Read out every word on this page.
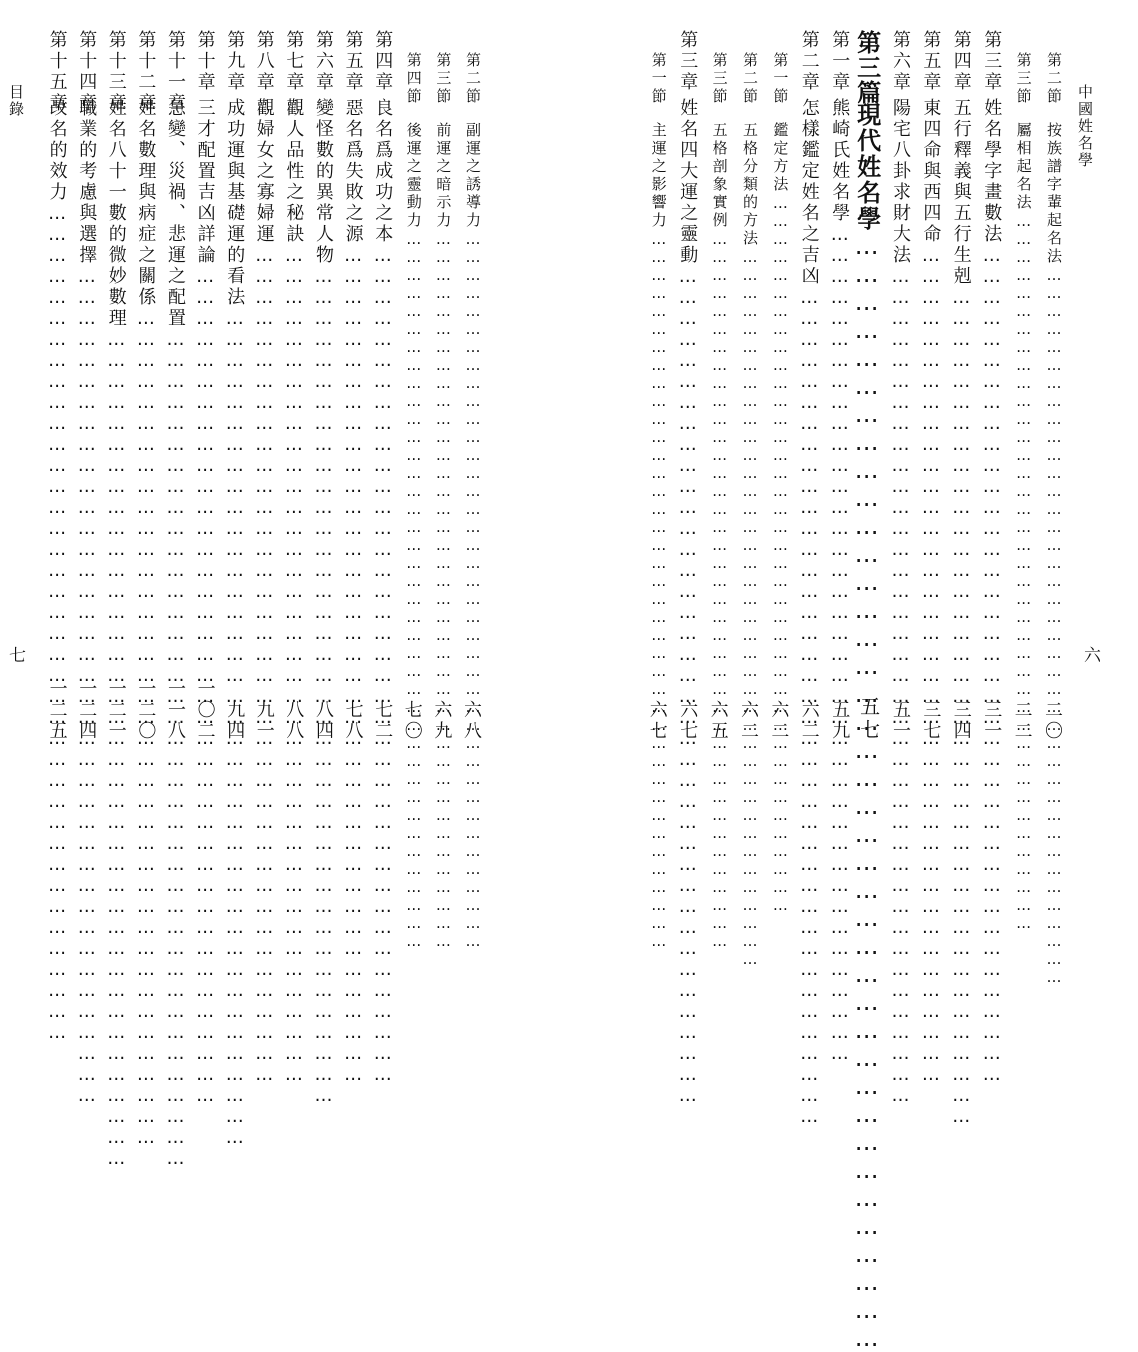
目錄
七
第二節
副運之誘導力 …………………………………………………………………………………………………………
六八
第三節
前運之暗示力 …………………………………………………………………………………………………………
六九
第四節
後運之靈動力 …………………………………………………………………………………………………………
七〇
第四章
良名爲成功之本 …………………………………………………………………………………………………………
七二
第五章
惡名爲失敗之源 …………………………………………………………………………………………………………
七八
第六章
變怪數的異常人物 …………………………………………………………………………………………………………
八四
第七章
觀人品性之秘訣 …………………………………………………………………………………………………………
八八
第八章
觀婦女之寡婦運 …………………………………………………………………………………………………………
九一
第九章
成功運與基礎運的看法 …………………………………………………………………………………………………………
九四
第十章
三才配置吉凶詳論 …………………………………………………………………………………………………………
一〇二
第十一章
急變、災禍、悲運之配置 …………………………………………………………………………………………………………
一一八
第十二章
姓名數理與病症之關係 …………………………………………………………………………………………………………
一二〇
第十三章
姓名八十一數的微妙數理 …………………………………………………………………………………………………………
一二一
第十四章
職業的考慮與選擇 …………………………………………………………………………………………………………
一二四
第十五章
改名的效力 …………………………………………………………………………………………………………
一二五
中國姓名學
六
第二節
按族譜字輩起名法 …………………………………………………………………………………………………………
二〇
第三節
屬相起名法 …………………………………………………………………………………………………………
二二
第三章
姓名學字畫數法 …………………………………………………………………………………………………………
三一
第四章
五行釋義與五行生剋 …………………………………………………………………………………………………………
三四
第五章
東四命與西四命 …………………………………………………………………………………………………………
三七
第六章
陽宅八卦求財大法 …………………………………………………………………………………………………………
五一
第三篇
現代姓名學 …………………………………………………………………………………………………………
五七
第一章
熊崎氏姓名學 …………………………………………………………………………………………………………
五九
第二章
怎樣鑑定姓名之吉凶 …………………………………………………………………………………………………………
六二
第一節
鑑定方法 …………………………………………………………………………………………………………
六二
第二節
五格分類的方法 …………………………………………………………………………………………………………
六二
第三節
五格剖象實例 …………………………………………………………………………………………………………
六五
第三章
姓名四大運之靈動 …………………………………………………………………………………………………………
六七
第一節
主運之影響力 …………………………………………………………………………………………………………
六七
